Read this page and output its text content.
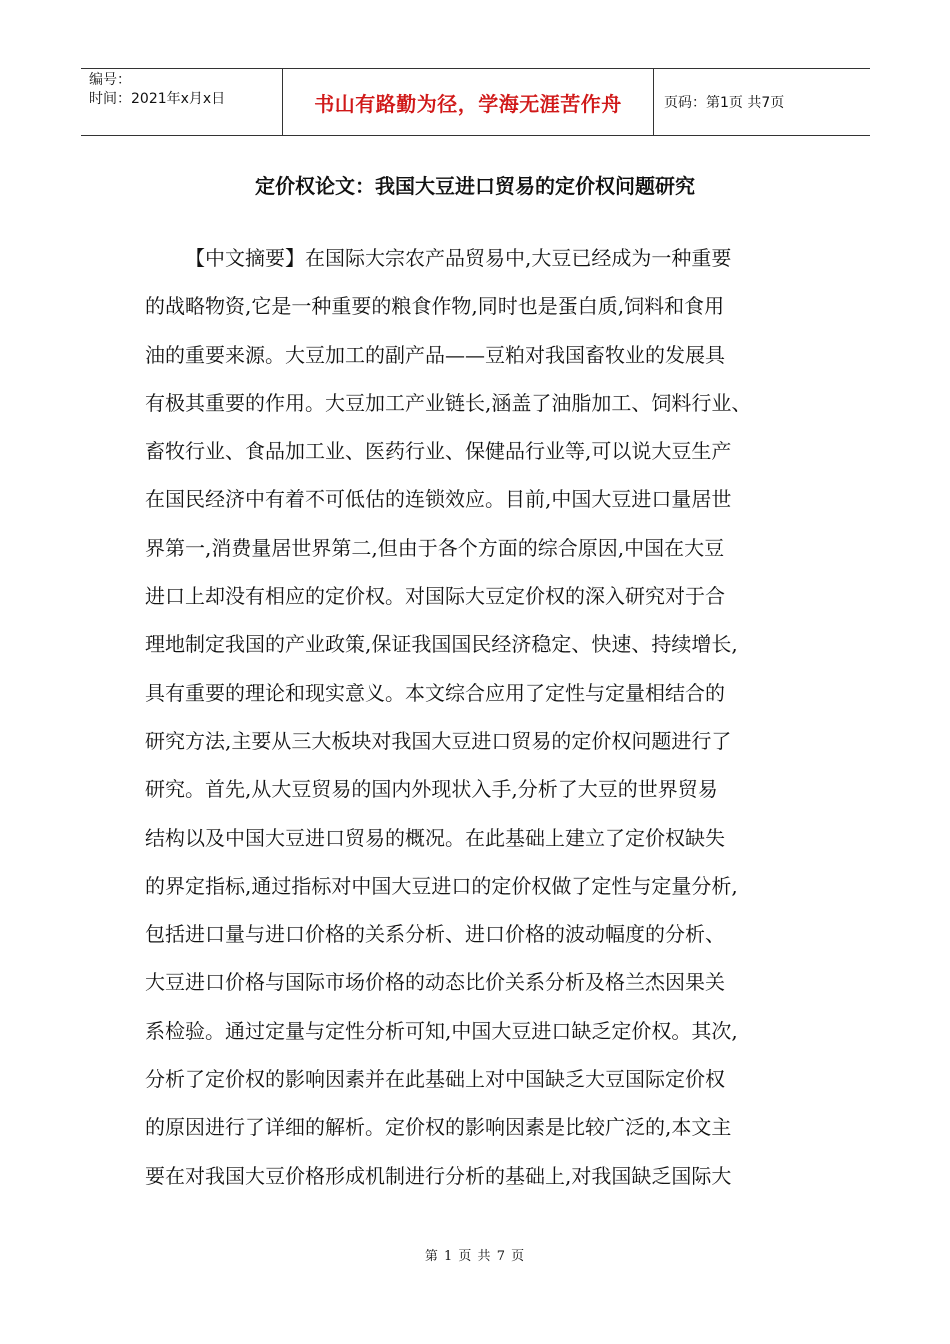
编号：
时间：2021年x月x日	书山有路勤为径，学海无涯苦作舟	页码：第1页 共7页
定价权论文：我国大豆进口贸易的定价权问题研究
【中文摘要】在国际大宗农产品贸易中,大豆已经成为一种重要
的战略物资,它是一种重要的粮食作物,同时也是蛋白质,饲料和食用
油的重要来源。大豆加工的副产品——豆粕对我国畜牧业的发展具
有极其重要的作用。大豆加工产业链长,涵盖了油脂加工、饲料行业、
畜牧行业、食品加工业、医药行业、保健品行业等,可以说大豆生产
在国民经济中有着不可低估的连锁效应。目前,中国大豆进口量居世
界第一,消费量居世界第二,但由于各个方面的综合原因,中国在大豆
进口上却没有相应的定价权。对国际大豆定价权的深入研究对于合
理地制定我国的产业政策,保证我国国民经济稳定、快速、持续增长,
具有重要的理论和现实意义。本文综合应用了定性与定量相结合的
研究方法,主要从三大板块对我国大豆进口贸易的定价权问题进行了
研究。首先,从大豆贸易的国内外现状入手,分析了大豆的世界贸易
结构以及中国大豆进口贸易的概况。在此基础上建立了定价权缺失
的界定指标,通过指标对中国大豆进口的定价权做了定性与定量分析,
包括进口量与进口价格的关系分析、进口价格的波动幅度的分析、
大豆进口价格与国际市场价格的动态比价关系分析及格兰杰因果关
系检验。通过定量与定性分析可知,中国大豆进口缺乏定价权。其次,
分析了定价权的影响因素并在此基础上对中国缺乏大豆国际定价权
的原因进行了详细的解析。定价权的影响因素是比较广泛的,本文主
要在对我国大豆价格形成机制进行分析的基础上,对我国缺乏国际大
第 1 页 共 7 页
